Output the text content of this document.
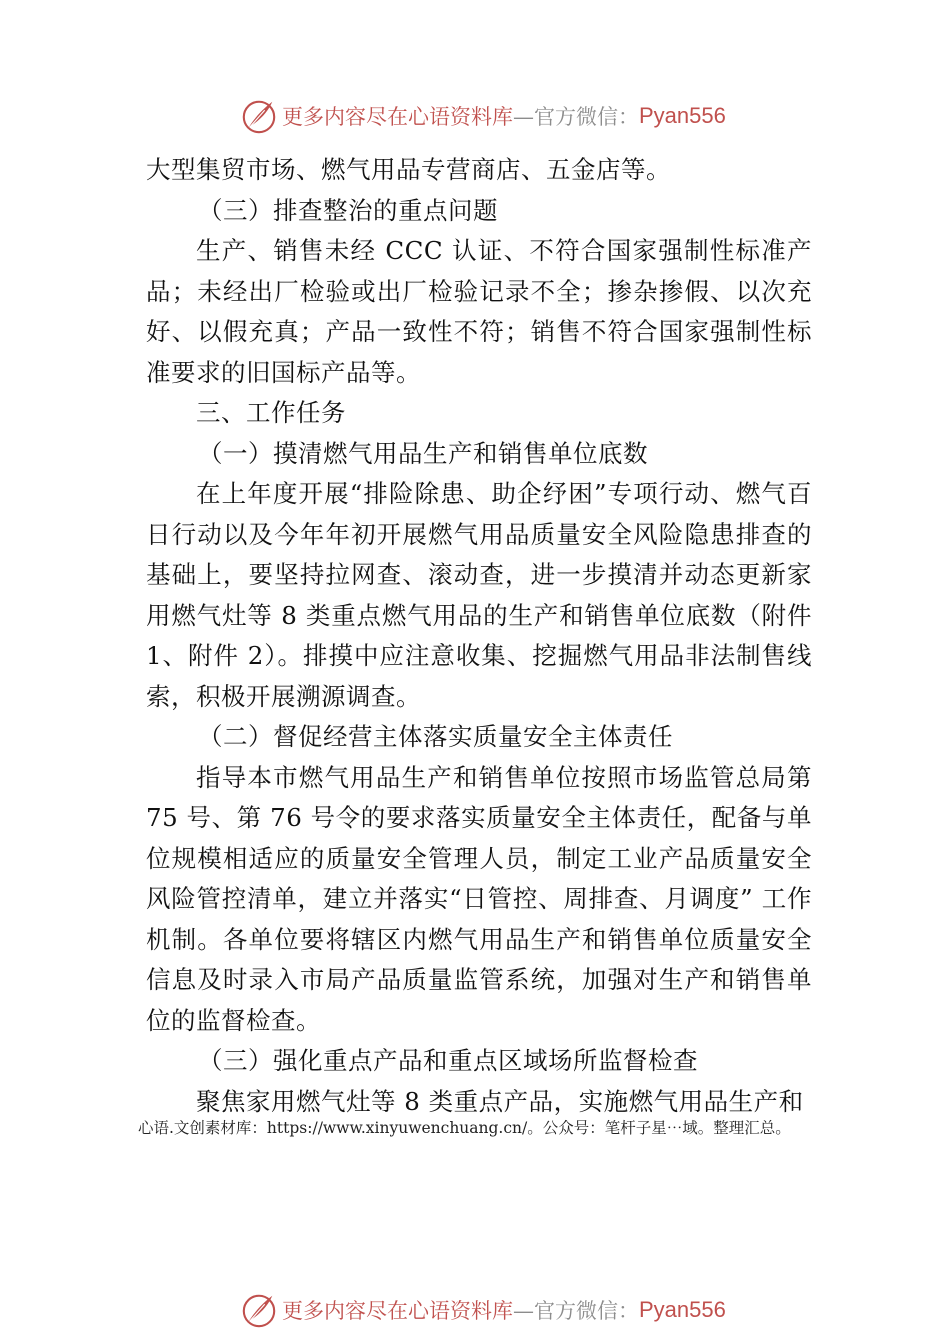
更多内容尽在心语资料库 —官方微信： Pyan556

大型集贸市场、燃气用品专营商店、五金店等。

（三）排查整治的重点问题

生产、销售未经 CCC 认证、不符合国家强制性标准产品；未经出厂检验或出厂检验记录不全；掺杂掺假、以次充好、以假充真；产品一致性不符；销售不符合国家强制性标准要求的旧国标产品等。

三、工作任务

（一）摸清燃气用品生产和销售单位底数

在上年度开展“排险除患、助企纾困”专项行动、燃气百日行动以及今年年初开展燃气用品质量安全风险隐患排查的基础上，要坚持拉网查、滚动查，进一步摸清并动态更新家用燃气灶等 8 类重点燃气用品的生产和销售单位底数（附件 1、附件 2）。排摸中应注意收集、挖掘燃气用品非法制售线索，积极开展溯源调查。

（二）督促经营主体落实质量安全主体责任

指导本市燃气用品生产和销售单位按照市场监管总局第 75 号、第 76 号令的要求落实质量安全主体责任，配备与单位规模相适应的质量安全管理人员，制定工业产品质量安全风险管控清单，建立并落实“日管控、周排查、月调度” 工作机制。各单位要将辖区内燃气用品生产和销售单位质量安全信息及时录入市局产品质量监管系统，加强对生产和销售单位的监督检查。

（三）强化重点产品和重点区域场所监督检查

聚焦家用燃气灶等 8 类重点产品，实施燃气用品生产和

心语.文创素材库：https://www.xinyuwenchuang.cn/。公众号：笔杆子星⋯域。整理汇总。
更多内容尽在心语资料库 —官方微信： Pyan556
